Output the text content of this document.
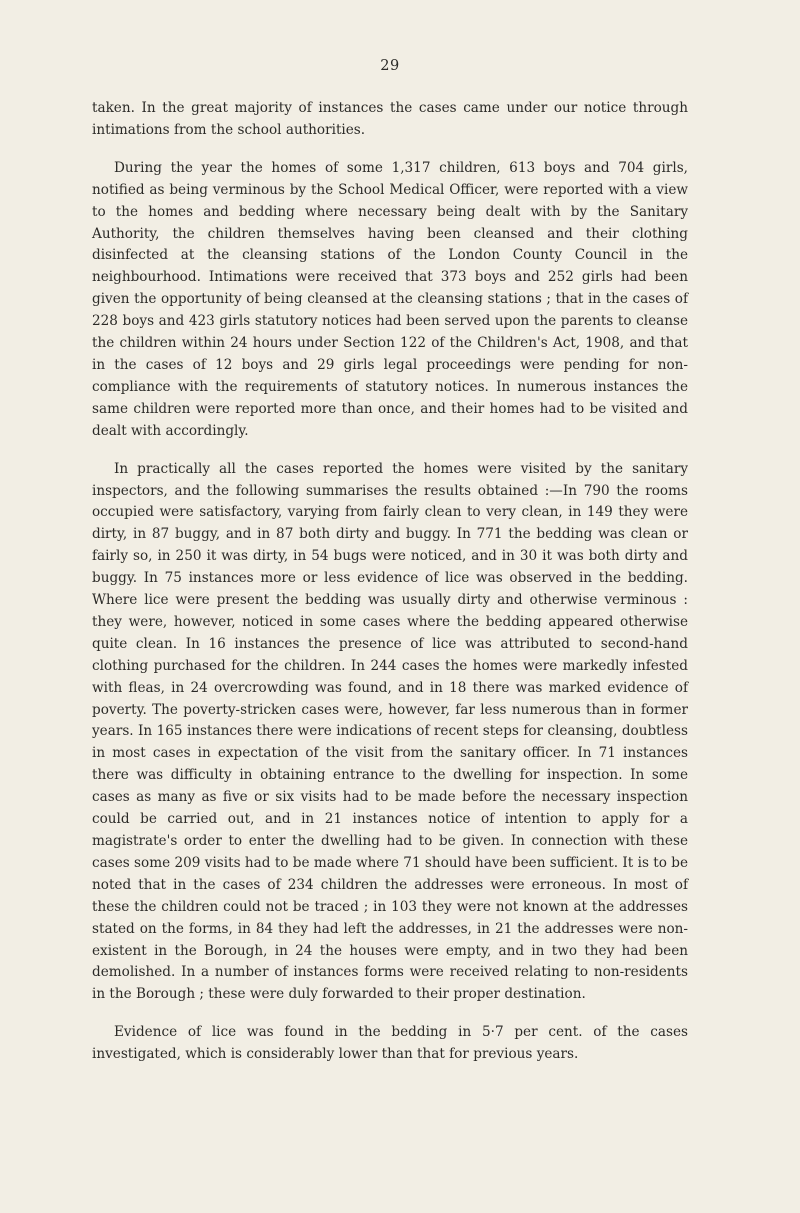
29

taken. In the great majority of instances the cases came under our notice through intimations from the school authorities.

During the year the homes of some 1,317 children, 613 boys and 704 girls, notified as being verminous by the School Medical Officer, were reported with a view to the homes and bedding where necessary being dealt with by the Sanitary Authority, the children themselves having been cleansed and their clothing disinfected at the cleansing stations of the London County Council in the neighbourhood. Intimations were received that 373 boys and 252 girls had been given the opportunity of being cleansed at the cleansing stations ; that in the cases of 228 boys and 423 girls statutory notices had been served upon the parents to cleanse the children within 24 hours under Section 122 of the Children's Act, 1908, and that in the cases of 12 boys and 29 girls legal proceedings were pending for non-compliance with the requirements of statutory notices. In numerous instances the same children were reported more than once, and their homes had to be visited and dealt with accordingly.

In practically all the cases reported the homes were visited by the sanitary inspectors, and the following summarises the results obtained :—In 790 the rooms occupied were satisfactory, varying from fairly clean to very clean, in 149 they were dirty, in 87 buggy, and in 87 both dirty and buggy. In 771 the bedding was clean or fairly so, in 250 it was dirty, in 54 bugs were noticed, and in 30 it was both dirty and buggy. In 75 instances more or less evidence of lice was observed in the bedding. Where lice were present the bedding was usually dirty and otherwise verminous : they were, however, noticed in some cases where the bedding appeared otherwise quite clean. In 16 instances the presence of lice was attributed to second-hand clothing purchased for the children. In 244 cases the homes were markedly infested with fleas, in 24 overcrowding was found, and in 18 there was marked evidence of poverty. The poverty-stricken cases were, however, far less numerous than in former years. In 165 instances there were indications of recent steps for cleansing, doubtless in most cases in expectation of the visit from the sanitary officer. In 71 instances there was difficulty in obtaining entrance to the dwelling for inspection. In some cases as many as five or six visits had to be made before the necessary inspection could be carried out, and in 21 instances notice of intention to apply for a magistrate's order to enter the dwelling had to be given. In connection with these cases some 209 visits had to be made where 71 should have been sufficient. It is to be noted that in the cases of 234 children the addresses were erroneous. In most of these the children could not be traced ; in 103 they were not known at the addresses stated on the forms, in 84 they had left the addresses, in 21 the addresses were non-existent in the Borough, in 24 the houses were empty, and in two they had been demolished. In a number of instances forms were received relating to non-residents in the Borough ; these were duly forwarded to their proper destination.

Evidence of lice was found in the bedding in 5·7 per cent. of the cases investigated, which is considerably lower than that for previous years.
